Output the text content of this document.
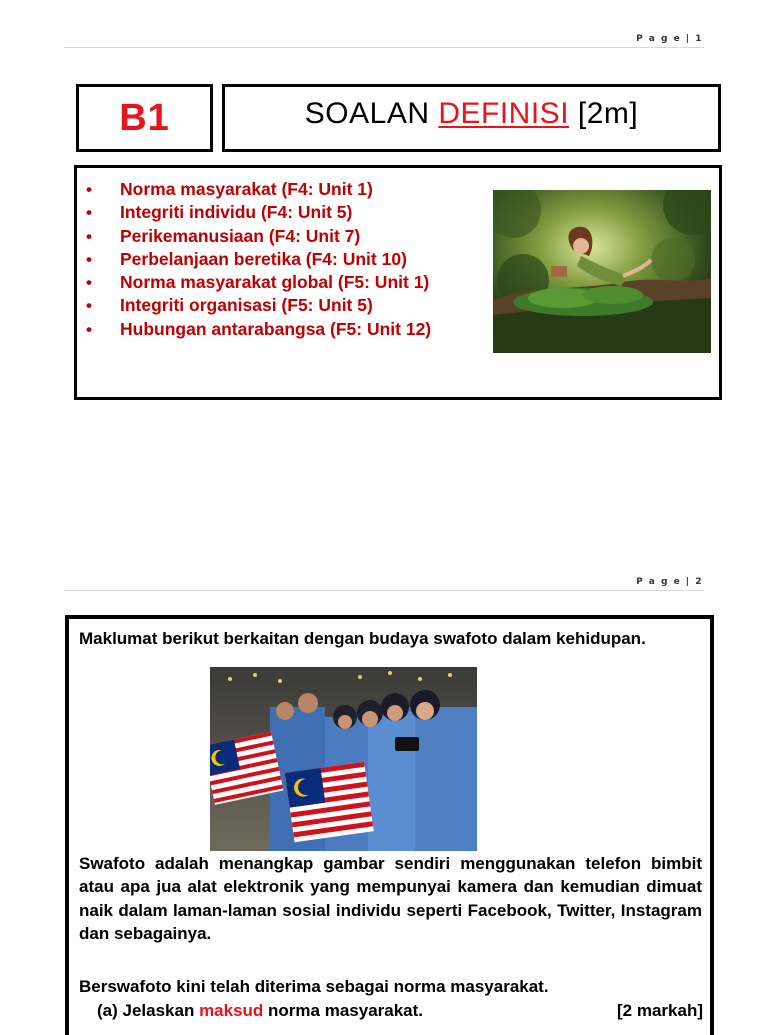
P a g e | 1
B1	SOALAN DEFINISI [2m]
• Norma masyarakat (F4: Unit 1)
• Integriti individu (F4: Unit 5)
• Perikemanusiaan (F4: Unit 7)
• Perbelanjaan beretika (F4: Unit 10)
• Norma masyarakat global (F5: Unit 1)
• Integriti organisasi (F5: Unit 5)
• Hubungan antarabangsa (F5: Unit 12)
P a g e | 2
Maklumat berikut berkaitan dengan budaya swafoto dalam kehidupan.
Swafoto adalah menangkap gambar sendiri menggunakan telefon bimbit atau apa jua alat elektronik yang mempunyai kamera dan kemudian dimuat naik dalam laman-laman sosial individu seperti Facebook, Twitter, Instagram dan sebagainya.
Berswafoto kini telah diterima sebagai norma masyarakat.
(a) Jelaskan maksud norma masyarakat.	[2 markah]
